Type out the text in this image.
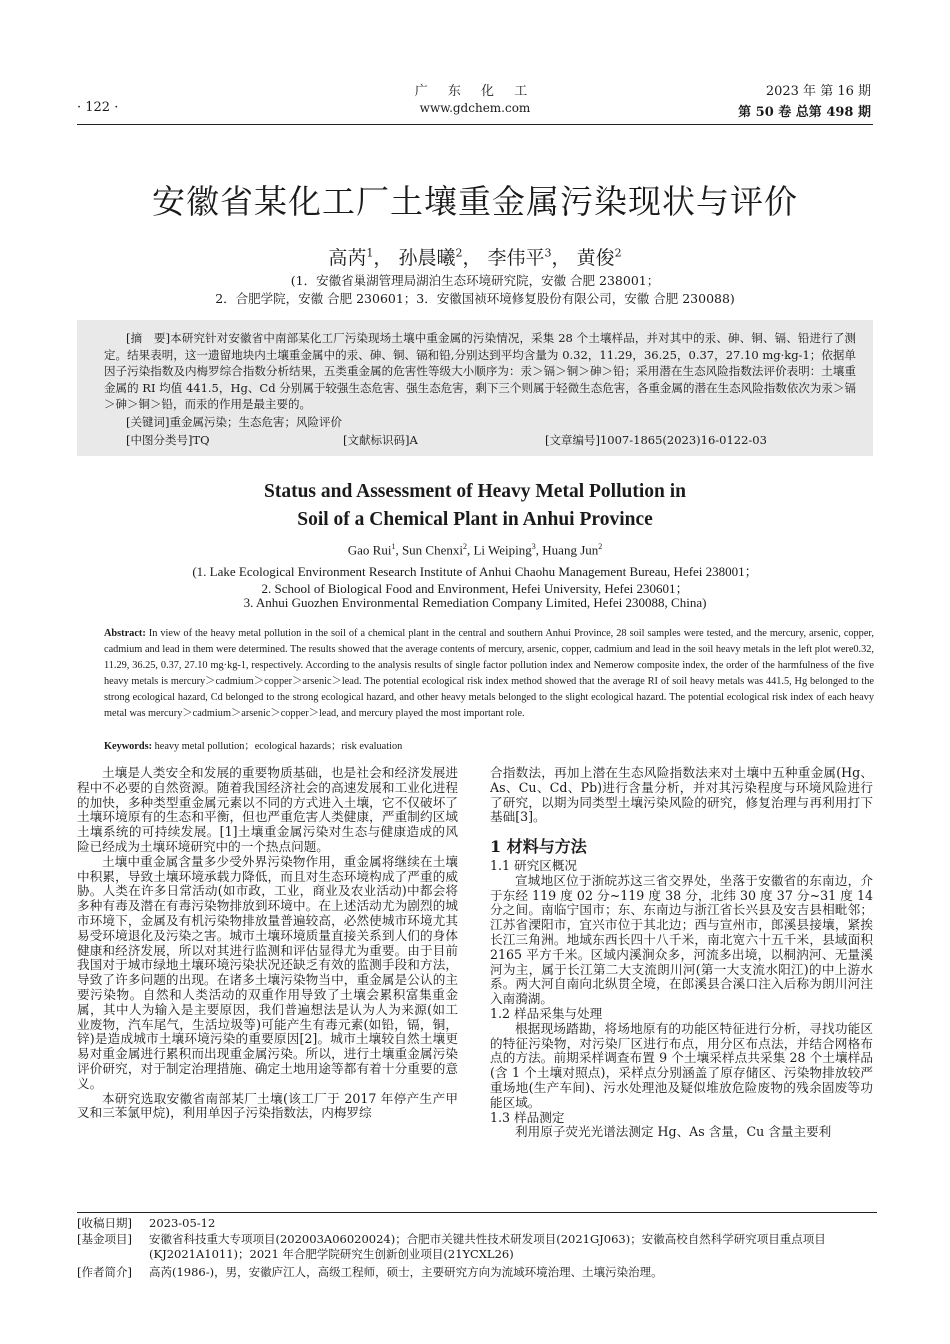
· 122 ·
广 东 化 工
www.gdchem.com
2023 年 第 16 期
第 50 卷 总第 498 期
安徽省某化工厂土壤重金属污染现状与评价
高芮$^1$， 孙晨曦$^2$， 李伟平$^3$， 黄俊$^2$
(1．安徽省巢湖管理局湖泊生态环境研究院，安徽 合肥 238001；
2．合肥学院，安徽 合肥 230601；3．安徽国祯环境修复股份有限公司，安徽 合肥 230088)
[摘　要]本研究针对安徽省中南部某化工厂污染现场土壤中重金属的污染情况，采集 28 个土壤样品，并对其中的汞、砷、铜、镉、铅进行了测定。结果表明，这一遗留地块内土壤重金属中的汞、砷、铜、镉和铅,分别达到平均含量为 0.32，11.29，36.25，0.37，27.10 mg·kg-1；依据单因子污染指数及内梅罗综合指数分析结果，五类重金属的危害性等级大小顺序为：汞＞镉＞铜＞砷＞铅；采用潜在生态风险指数法评价表明：土壤重金属的 RI 均值 441.5，Hg、Cd 分别属于较强生态危害、强生态危害，剩下三个则属于轻微生态危害，各重金属的潜在生态风险指数依次为汞＞镉＞砷＞铜＞铅，而汞的作用是最主要的。
[关键词]重金属污染；生态危害；风险评价
[中图分类号]TQ	[文献标识码]A	[文章编号]1007-1865(2023)16-0122-03
Status and Assessment of Heavy Metal Pollution in
Soil of a Chemical Plant in Anhui Province
Gao Rui$^1$, Sun Chenxi$^2$, Li Weiping$^3$, Huang Jun$^2$
(1. Lake Ecological Environment Research Institute of Anhui Chaohu Management Bureau, Hefei 238001；
2. School of Biological Food and Environment, Hefei University, Hefei 230601；
3. Anhui Guozhen Environmental Remediation Company Limited, Hefei 230088, China)
Abstract: In view of the heavy metal pollution in the soil of a chemical plant in the central and southern Anhui Province, 28 soil samples were tested, and the mercury, arsenic, copper, cadmium and lead in them were determined. The results showed that the average contents of mercury, arsenic, copper, cadmium and lead in the soil heavy metals in the left plot were0.32, 11.29, 36.25, 0.37, 27.10 mg·kg-1, respectively. According to the analysis results of single factor pollution index and Nemerow composite index, the order of the harmfulness of the five heavy metals is mercury＞cadmium＞copper＞arsenic＞lead. The potential ecological risk index method showed that the average RI of soil heavy metals was 441.5, Hg belonged to the strong ecological hazard, Cd belonged to the strong ecological hazard, and other heavy metals belonged to the slight ecological hazard. The potential ecological risk index of each heavy metal was mercury＞cadmium＞arsenic＞copper＞lead, and mercury played the most important role.
Keywords: heavy metal pollution；ecological hazards；risk evaluation

土壤是人类安全和发展的重要物质基础，也是社会和经济发展进程中不必要的自然资源。随着我国经济社会的高速发展和工业化进程的加快，多种类型重金属元素以不同的方式进入土壤，它不仅破坏了土壤环境原有的生态和平衡，但也严重危害人类健康，严重制约区域土壤系统的可持续发展。[1]土壤重金属污染对生态与健康造成的风险已经成为土壤环境研究中的一个热点问题。

土壤中重金属含量多少受外界污染物作用，重金属将继续在土壤中积累，导致土壤环境承载力降低，而且对生态环境构成了严重的威胁。人类在许多日常活动(如市政，工业，商业及农业活动)中都会将多种有毒及潜在有毒污染物排放到环境中。在上述活动尤为剧烈的城市环境下，金属及有机污染物排放量普遍较高，必然使城市环境尤其易受环境退化及污染之害。城市土壤环境质量直接关系到人们的身体健康和经济发展，所以对其进行监测和评估显得尤为重要。由于目前我国对于城市绿地土壤环境污染状况还缺乏有效的监测手段和方法，导致了许多问题的出现。在诸多土壤污染物当中，重金属是公认的主要污染物。自然和人类活动的双重作用导致了土壤会累积富集重金属，其中人为输入是主要原因，我们普遍想法是认为人为来源(如工业废物，汽车尾气，生活垃圾等)可能产生有毒元素(如铅，镉，铜，锌)是造成城市土壤环境污染的重要原因[2]。城市土壤较自然土壤更易对重金属进行累积而出现重金属污染。所以，进行土壤重金属污染评价研究，对于制定治理措施、确定土地用途等都有着十分重要的意义。

本研究选取安徽省南部某厂土壤(该工厂于 2017 年停产生产甲叉和三苯氯甲烷)，利用单因子污染指数法，内梅罗综

合指数法，再加上潜在生态风险指数法来对土壤中五种重金属(Hg、As、Cu、Cd、Pb)进行含量分析，并对其污染程度与环境风险进行了研究，以期为同类型土壤污染风险的研究，修复治理与再利用打下基础[3]。

1 材料与方法
1.1 研究区概况

宣城地区位于浙皖苏这三省交界处，坐落于安徽省的东南边，介于东经 119 度 02 分~119 度 38 分，北纬 30 度 37 分~31 度 14 分之间。南临宁国市；东、东南边与浙江省长兴县及安吉县相毗邻；江苏省溧阳市，宜兴市位于其北边；西与宣州市，郎溪县接壤，紧挨长江三角洲。地域东西长四十八千米，南北宽六十五千米，县域面积 2165 平方千米。区域内溪涧众多，河流多出境，以桐汭河、无量溪河为主，属于长江第二大支流朗川河(第一大支流水阳江)的中上游水系。两大河自南向北纵贯全境，在郎溪县合溪口注入后称为朗川河注入南漪湖。

1.2 样品采集与处理

根据现场踏勘，将场地原有的功能区特征进行分析，寻找功能区的特征污染物，对污染厂区进行布点，用分区布点法，并结合网格布点的方法。前期采样调查布置 9 个土壤采样点共采集 28 个土壤样品(含 1 个土壤对照点)，采样点分别涵盖了原存储区、污染物排放较严重场地(生产车间)、污水处理池及疑似堆放危险废物的残余固废等功能区域。

1.3 样品测定

利用原子荧光光谱法测定 Hg、As 含量，Cu 含量主要利

[收稿日期] 2023-05-12
[基金项目]	安徽省科技重大专项项目(202003A06020024)；合肥市关键共性技术研发项目(2021GJ063)；安徽高校自然科学研究项目重点项目(KJ2021A1011)；2021 年合肥学院研究生创新创业项目(21YCXL26)
[作者简介] 高芮(1986-)，男，安徽庐江人，高级工程师，硕士，主要研究方向为流域环境治理、土壤污染治理。
